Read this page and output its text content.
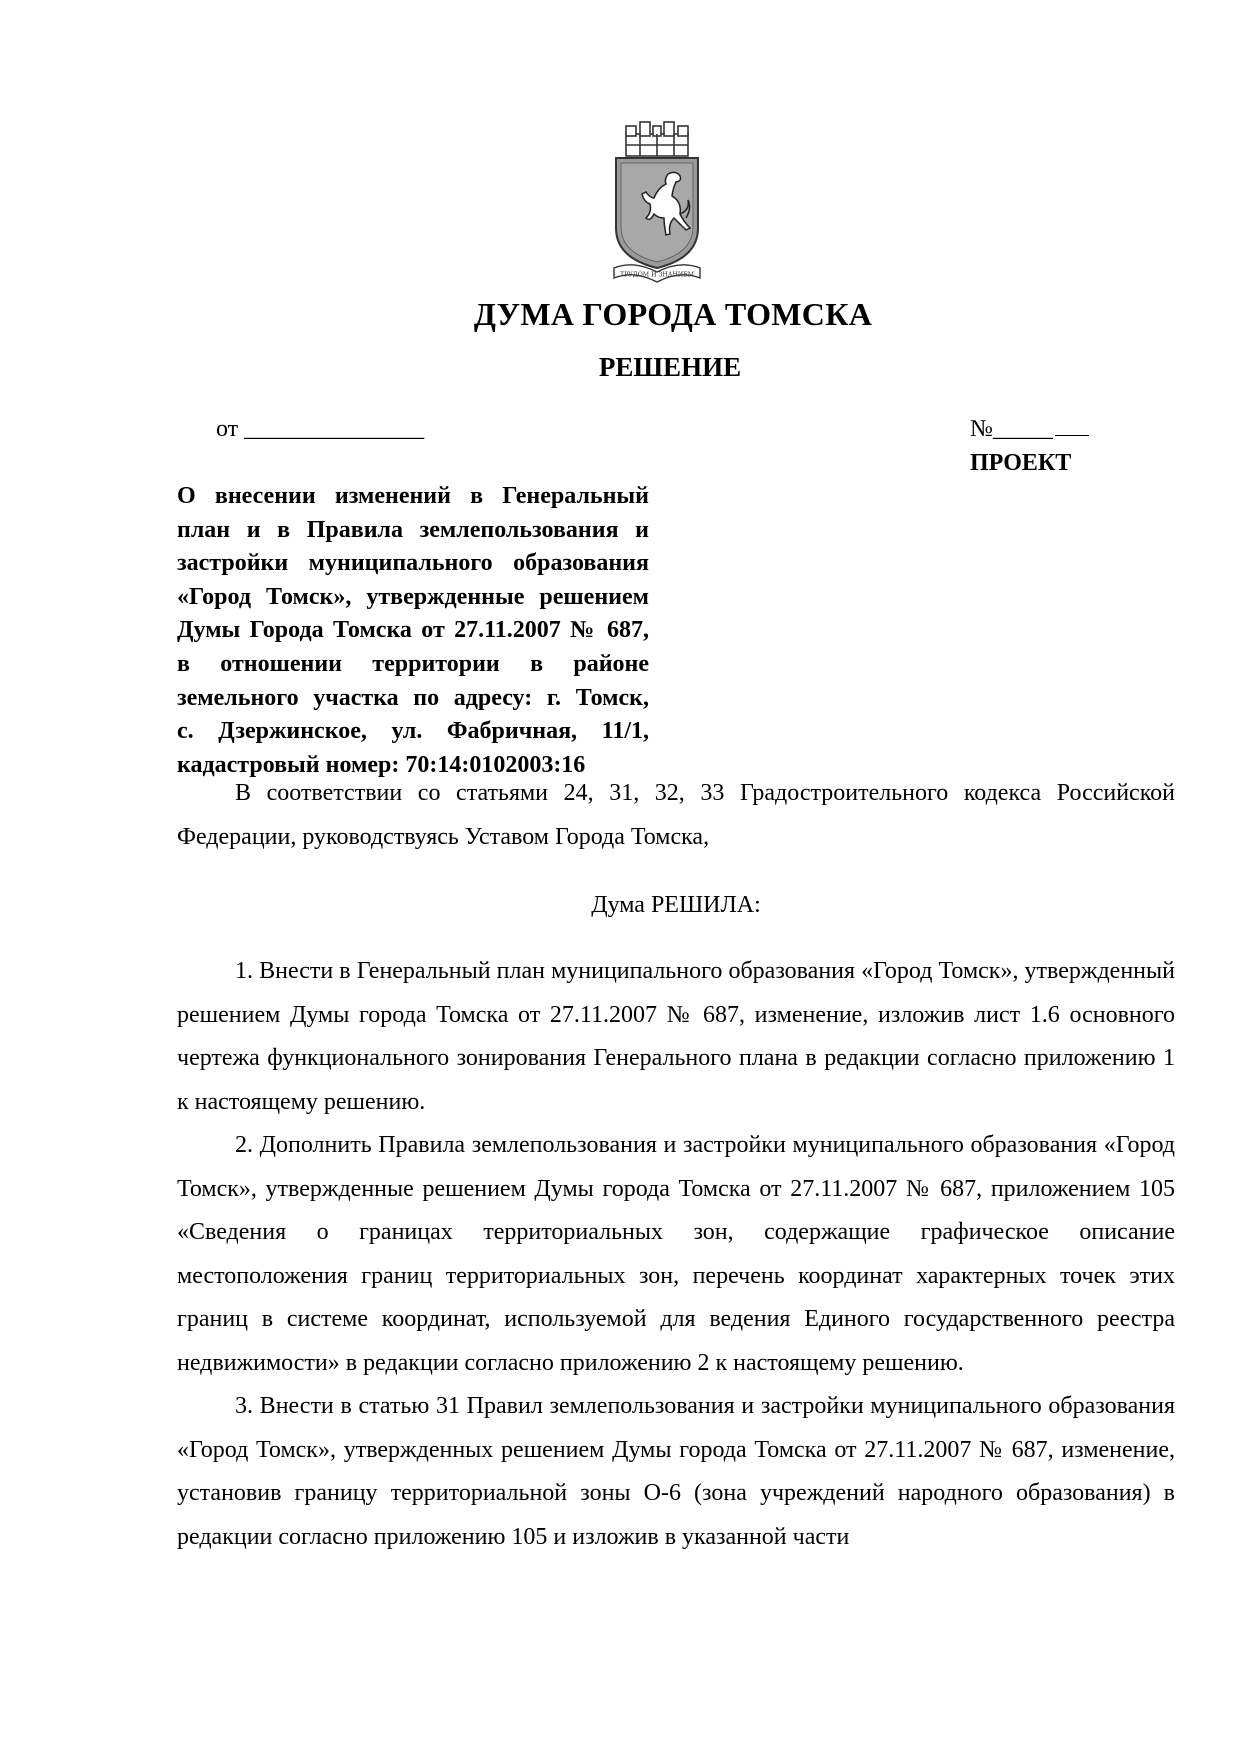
ТРУДОМ И ЗНАНИЕМ
ДУМА ГОРОДА ТОМСКА
РЕШЕНИЕ
от _______________	№_____
ПРОЕКТ
О внесении изменений в Генеральный
план и в Правила землепользования и
застройки муниципального образования
«Город Томск», утвержденные решением
Думы Города Томска от 27.11.2007 № 687,
в отношении территории в районе
земельного участка по адресу: г. Томск,
с. Дзержинское, ул. Фабричная, 11/1,
кадастровый номер: 70:14:0102003:16

В соответствии со статьями 24, 31, 32, 33 Градостроительного кодекса Российской Федерации, руководствуясь Уставом Города Томска,

Дума РЕШИЛА:

1. Внести в Генеральный план муниципального образования «Город Томск», утвержденный решением Думы города Томска от 27.11.2007 № 687, изменение, изложив лист 1.6 основного чертежа функционального зонирования Генерального плана в редакции согласно приложению 1 к настоящему решению.

2. Дополнить Правила землепользования и застройки муниципального образования «Город Томск», утвержденные решением Думы города Томска от 27.11.2007 № 687, приложением 105 «Сведения о границах территориальных зон, содержащие графическое описание местоположения границ территориальных зон, перечень координат характерных точек этих границ в системе координат, используемой для ведения Единого государственного реестра недвижимости» в редакции согласно приложению 2 к настоящему решению.

3. Внести в статью 31 Правил землепользования и застройки муниципального образования «Город Томск», утвержденных решением Думы города Томска от 27.11.2007 № 687, изменение, установив границу территориальной зоны О-6 (зона учреждений народного образования) в редакции согласно приложению 105 и изложив в указанной части
